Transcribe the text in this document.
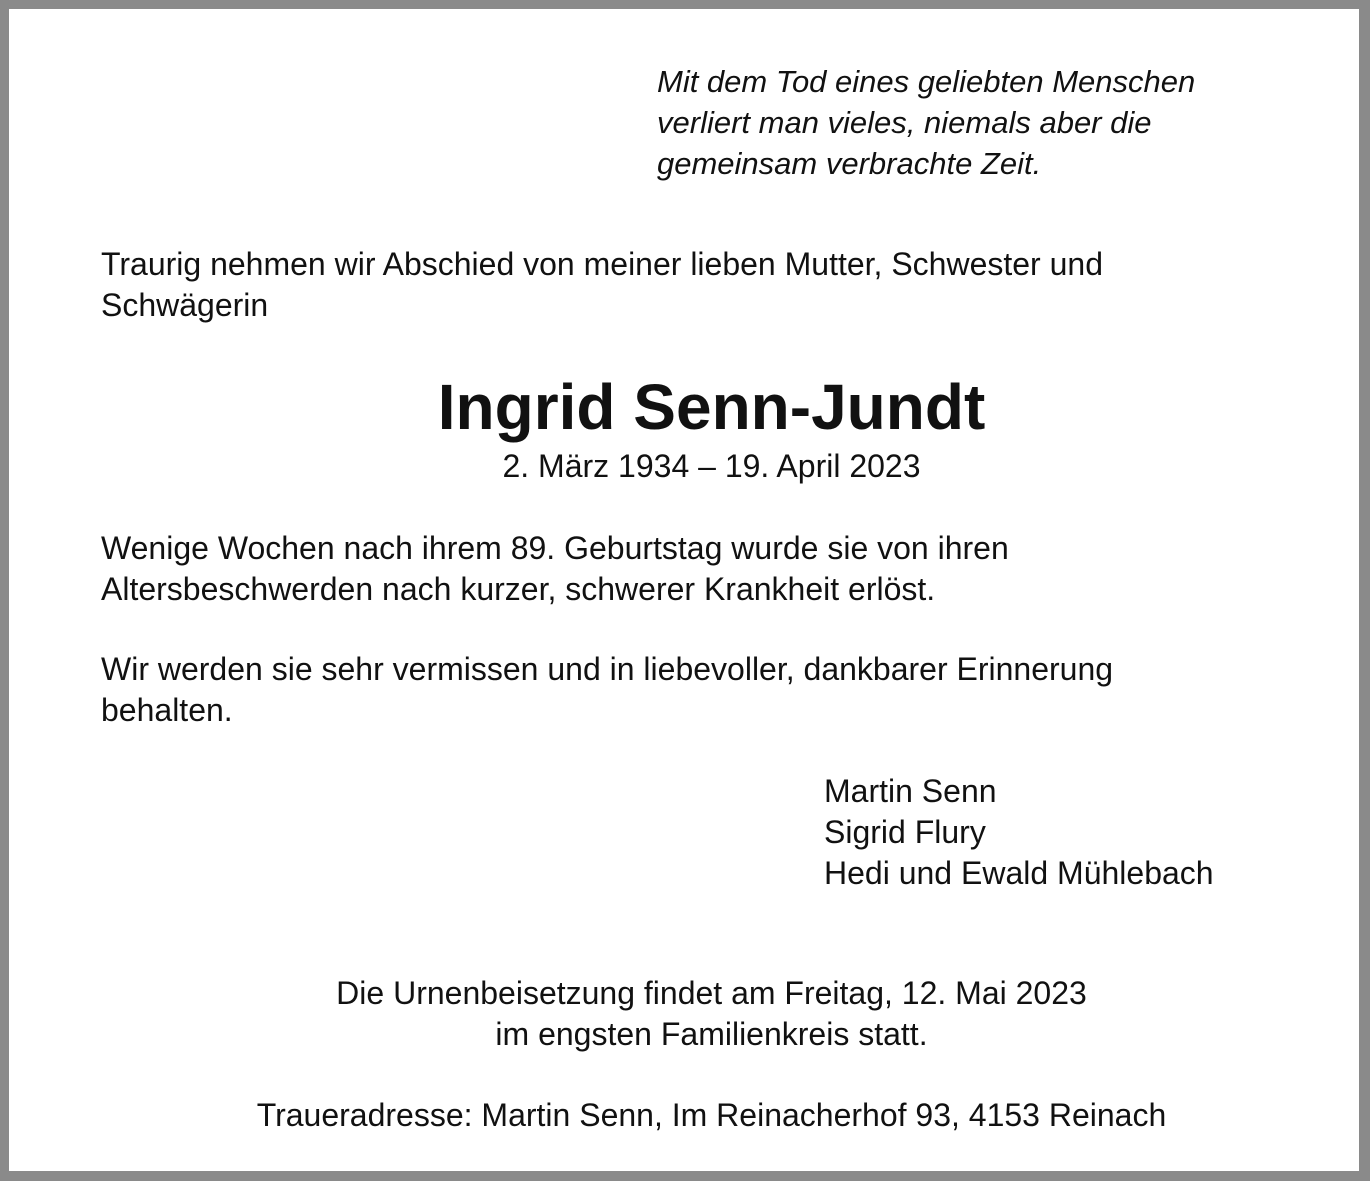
Mit dem Tod eines geliebten Menschen
verliert man vieles, niemals aber die
gemeinsam verbrachte Zeit.
Traurig nehmen wir Abschied von meiner lieben Mutter, Schwester und
Schwägerin
Ingrid Senn-Jundt
2. März 1934 – 19. April 2023
Wenige Wochen nach ihrem 89. Geburtstag wurde sie von ihren
Altersbeschwerden nach kurzer, schwerer Krankheit erlöst.
Wir werden sie sehr vermissen und in liebevoller, dankbarer Erinnerung
behalten.
Martin Senn
Sigrid Flury
Hedi und Ewald Mühlebach
Die Urnenbeisetzung findet am Freitag, 12. Mai 2023
im engsten Familienkreis statt.
Traueradresse: Martin Senn, Im Reinacherhof 93, 4153 Reinach
